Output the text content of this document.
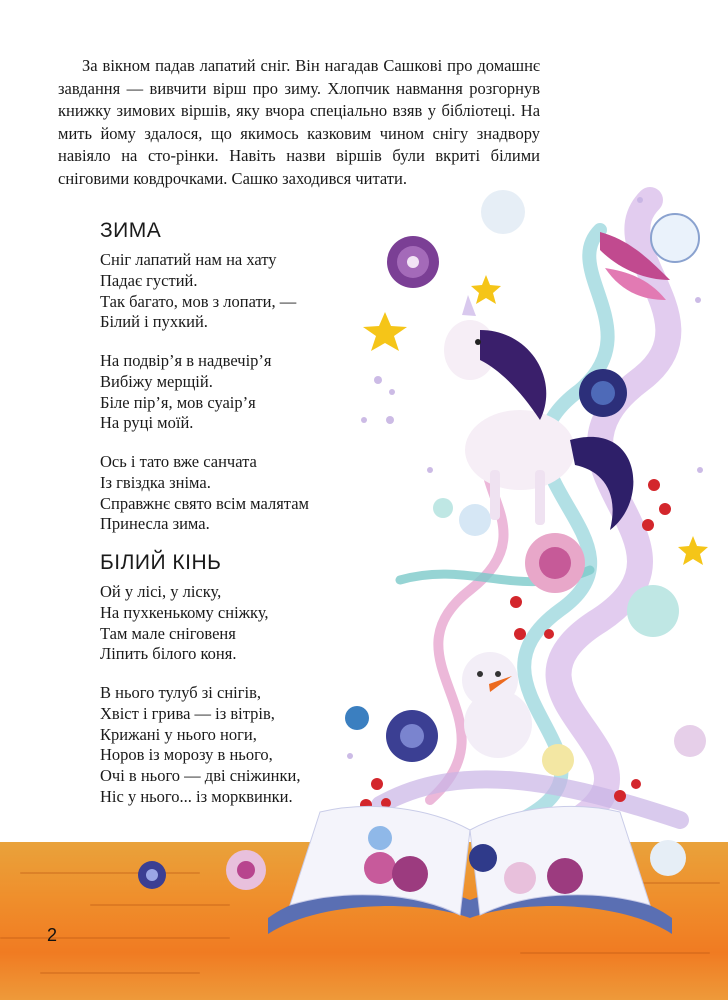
За вікном падав лапатий сніг. Він нагадав Сашкові про домашнє завдання — вивчити вірш про зиму. Хлопчик навмання розгорнув книжку зимових віршів, яку вчора спеціально взяв у бібліотеці. На мить йому здалося, що якимось казковим чином снігу знадвору навіяло на сто-рінки. Навіть назви віршів були вкриті білими сніговими ковдрочками. Сашко заходився читати.

ЗИМА
Сніг лапатий нам на хату
Падає густий.
Так багато, мов з лопати, —
Білий і пухкий.
На подвір’я в надвечір’я
Вибіжу мерщій.
Біле пір’я, мов суаір’я
На руці моїй.
Ось і тато вже санчата
Із гвіздка зніма.
Справжнє свято всім малятам
Принесла зима.
БІЛИЙ КІНЬ
Ой у лісі, у ліску,
На пухкенькому сніжку,
Там мале сніговеня
Ліпить білого коня.
В нього тулуб зі снігів,
Хвіст і грива — із вітрів,
Крижані у нього ноги,
Норов із морозу в нього,
Очі в нього — дві сніжинки,
Ніс у нього... із морквинки.
2
